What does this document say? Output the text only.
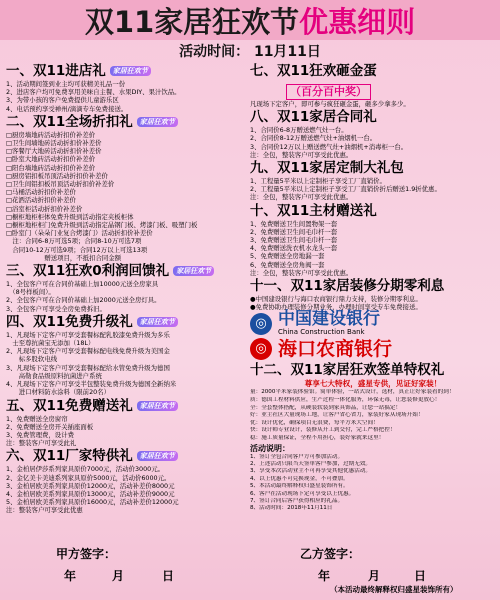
双11家居狂欢节优惠细则
活动时间： 11月11日
一、双11进店礼 家居狂欢节
1、活动期间签到业主均可获精美礼品一份
2、进店客户均可免费享用美味自主餐、水果DIY、果汁饮品。
3、为带小孩的客户免费提供儿童游乐区
4、电话预约享受禅州/滴滴专车免费接送。
二、双11全场折扣礼 家居狂欢节
□厨房墙地砖活动折扣价补差价
□卫生间墙地砖活动折扣价补差价
□客餐厅大地砖活动折扣价补差价
□卧室大地砖活动折扣价补差价
□阳台墙地砖活动折扣价补差价
□厨房铝扣板吊顶活动折扣价补差价
□卫生间铝扣板吊顶活动折扣价补差价
□马桶活动折扣价补差价
□花洒活动折扣价补差价
□浴室柜活动折扣价补差价
□橱柜地柜柜体免费升级到活动指定夹板柜体
□橱柜地柜柜门免费升级到活动指定晶钢门板、烤漆门板、吸塑门板
□卧室门（朵朵门业复合烤漆门）活动折扣价补差价
　注：合同6-8万可选5项；合同8-10万可选7项
　合同10-12万可选9项；合同12万以上可选13项
　　　　　　赠送项目，不抵扣合同金额
三、双11狂欢0利润回馈礼 家居狂欢节
1、全包客户可在合同价基础上加10000元送全房家具
　（8号样板间）。
2、全包客户可在合同价基础上加2000元送全房灯具。
3、全包客户可享受全房免费拆旧。
四、双11免费升级礼 家居狂欢节
1、凡现场下定客户可享受套餐标配乳胶漆免费升级为多乐
　士至尊抗菌宝无添加（18L）
2、凡现场下定客户可享受套餐标配电线免费升级为美国金
　　标多股软电线
3、凡现场下定客户可享受套餐标配给水管免费升级为德国
　　高勒食品级原料抗菌进户系统
4、凡现场下定客户可享受半包整装免费升级为德国全新纳米
　　进口材料防水涂料（限前20名）
五、双11免费赠送礼 家居狂欢节
1、免费赠送全房窗帘
2、免费赠送全房开关插座面板
3、免费管理费，设计费
注：整装客户可享受此礼
六、双11厂家特供礼 家居狂欢节
1、金柏居伊莎系列家具原价7000元，活动价3000元。
2、金亿美卡美迪系列家具原价5000元，活动价6000元。
3、金柏居欧美系列家具原价12000元，活动补差价8000元
4、金柏居欧美系列家具原价13000元，活动补差价9000元
5、金柏居欧美系列家具原价16000元，活动补差价12000元
注：整装客户可享受此优惠
七、双11狂欢砸金蛋
（百分百中奖）
凡现场下定客户，即可参与疯狂砸金蛋，砸多少拿多少。
八、双11家居合同礼
1、合同价6-8万赠送燃气灶一台。
2、合同价8-12万赠送燃气灶+油烟机一台。
3、合同价12万以上赠送燃气灶+油烟机+消毒柜一台。
注：全包，整装客户可享受此优惠。
九、双11家居定制大礼包
1、工程量5平米以上定制柜子享受工厂直销价。
2、工程量5平米以上定制柜子享受工厂直销价折后赠送1.9折优惠。
注：全包，整装客户可享受此优惠。
十、双11主材赠送礼
1、免费赠送卫生间置物架一套
2、免费赠送卫生间毛巾杆一套
3、免费赠送卫生间毛巾杆一套
4、免费赠送洗衣机水龙头一套
5、免费赠送全房地漏一套
6、免费赠送全房角阀一套
注：全包，整装客户可享受此优惠。
十一、双11家居装修分期零利息
●中国建设银行与海口农商银行鼎力支持，装修分期零利息。
●免费协助办理装修分期业务，办理时间享受专车免费接送。
◎ 中国建设银行
China Construction Bank
◎ 海口农商银行
十二、双11家居狂欢签单特权礼
尊享七大特权，盛星专供，见证好家装！
量：2000平米家装体验馆。简单体验，一站式设计，选材，真正让好家装看的到！
质：德国工程材料供应，生产过程一体化服务，环保无毒，让您装修更放心！
全：全套整体搭配，从硬装软装到家具饰品，让您一站搞定！
好：业主社区大量现场工地，让客户省心省力，家装好家从现场开始！
优：设计优化，确保项目无浪费，每平方米大空间！
快：设计师专业设计，装修从开工到交付，完工严格把控！
稳：施工质量保证，全程不用担心，装好家就来这里！
活动说明：
1、签订全包合同客户方可参加活动。
2、上述活动只限当天签单客户参加，过期无效。
3、享受本次活动业主不可再享受其他优惠活动。
4、以上优惠不可兑换现金，不可叠加。
5、本活动最终解释权归盛星装饰所有。
6、客户在活动现场下定可享受以上优惠。
7、签订合同后客户获得相应的礼品。
8、活动时间：2018年11月11日
甲方签字：	乙方签字：
年	月	日	年	月	日
（本活动最终解释权归盛星装饰所有）
